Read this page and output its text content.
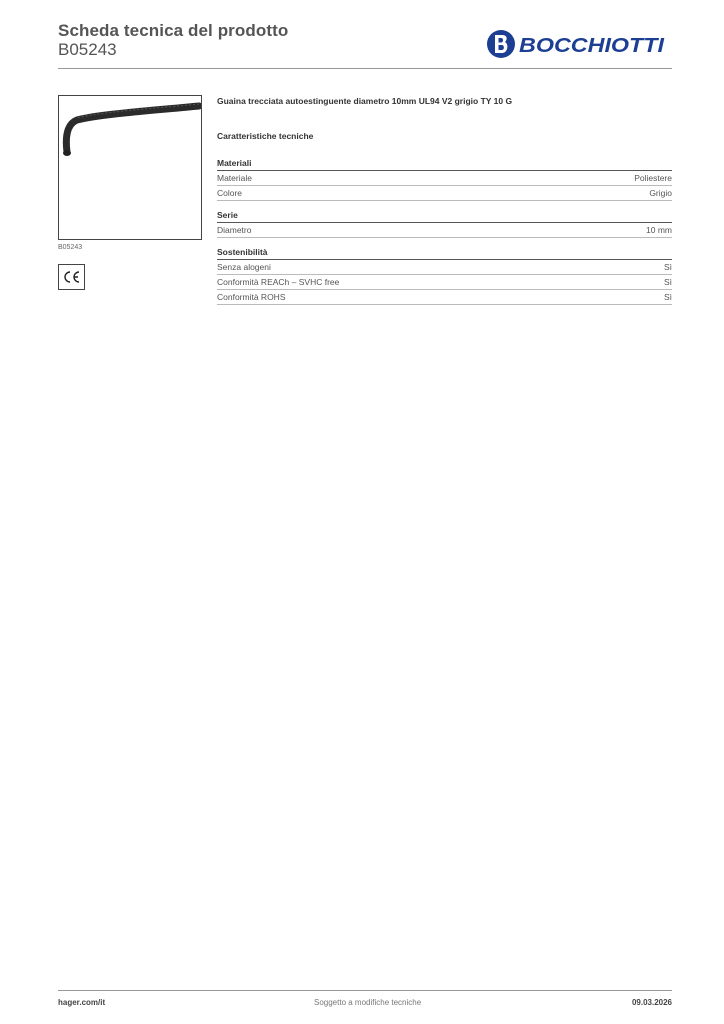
Scheda tecnica del prodotto
B05243	BOCCHIOTTI
B05243

Guaina trecciata autoestinguente diametro 10mm UL94 V2 grigio TY 10 G

Caratteristiche tecniche
Materiali
Materiale	Poliestere
Colore	Grigio
Serie
Diametro	10 mm
Sostenibilità
Senza alogeni	Sì
Conformità REACh – SVHC free	Sì
Conformità ROHS	Sì
hager.com/it	Soggetto a modifiche tecniche	09.03.2026
